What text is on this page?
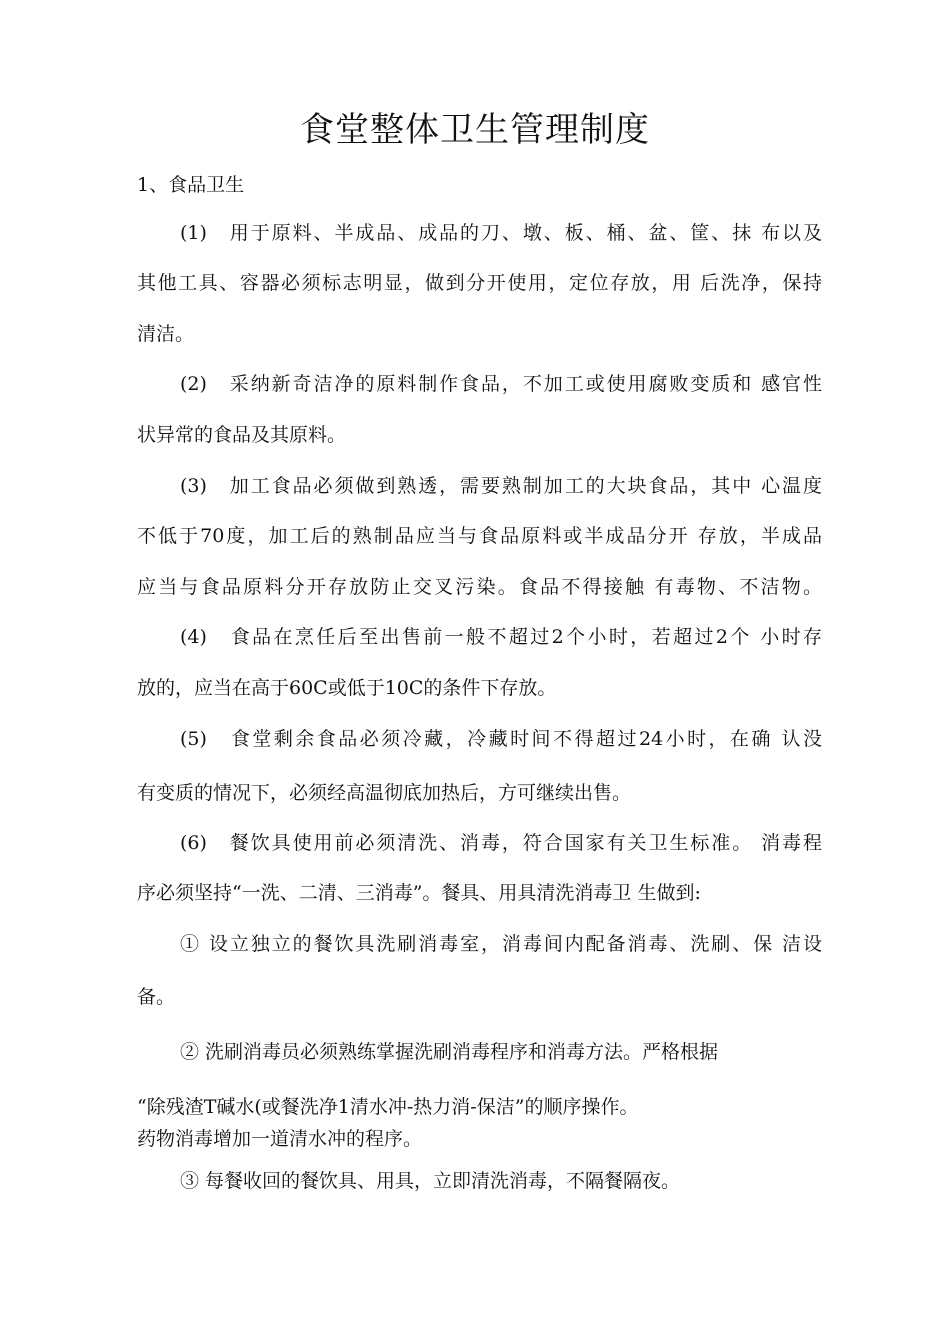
食堂整体卫生管理制度
1、食品卫生
(1)　用于原料、半成品、成品的刀、墩、板、桶、盆、筐、抹 布以及
其他工具、容器必须标志明显，做到分开使用，定位存放，用 后洗净，保持
清洁。
(2)　采纳新奇洁净的原料制作食品，不加工或使用腐败变质和 感官性
状异常的食品及其原料。
(3)　加工食品必须做到熟透，需要熟制加工的大块食品，其中 心温度
不低于70度，加工后的熟制品应当与食品原料或半成品分开 存放，半成品
应当与食品原料分开存放防止交叉污染。食品不得接触 有毒物、不洁物。
(4)　食品在烹任后至出售前一般不超过2个小时，若超过2个 小时存
放的，应当在高于60C或低于10C的条件下存放。
(5)　食堂剩余食品必须冷藏，冷藏时间不得超过24小时，在确 认没
有变质的情况下，必须经高温彻底加热后，方可继续出售。
(6)　餐饮具使用前必须清洗、消毒，符合国家有关卫生标准。 消毒程
序必须坚持“一洗、二清、三消毒”。餐具、用具清洗消毒卫 生做到:
① 设立独立的餐饮具洗刷消毒室，消毒间内配备消毒、洗刷、保 洁设
备。
② 洗刷消毒员必须熟练掌握洗刷消毒程序和消毒方法。严格根据
“除残渣T碱水(或餐洗净1清水冲-热力消-保洁”的顺序操作。
药物消毒增加一道清水冲的程序。
③ 每餐收回的餐饮具、用具，立即清洗消毒，不隔餐隔夜。
